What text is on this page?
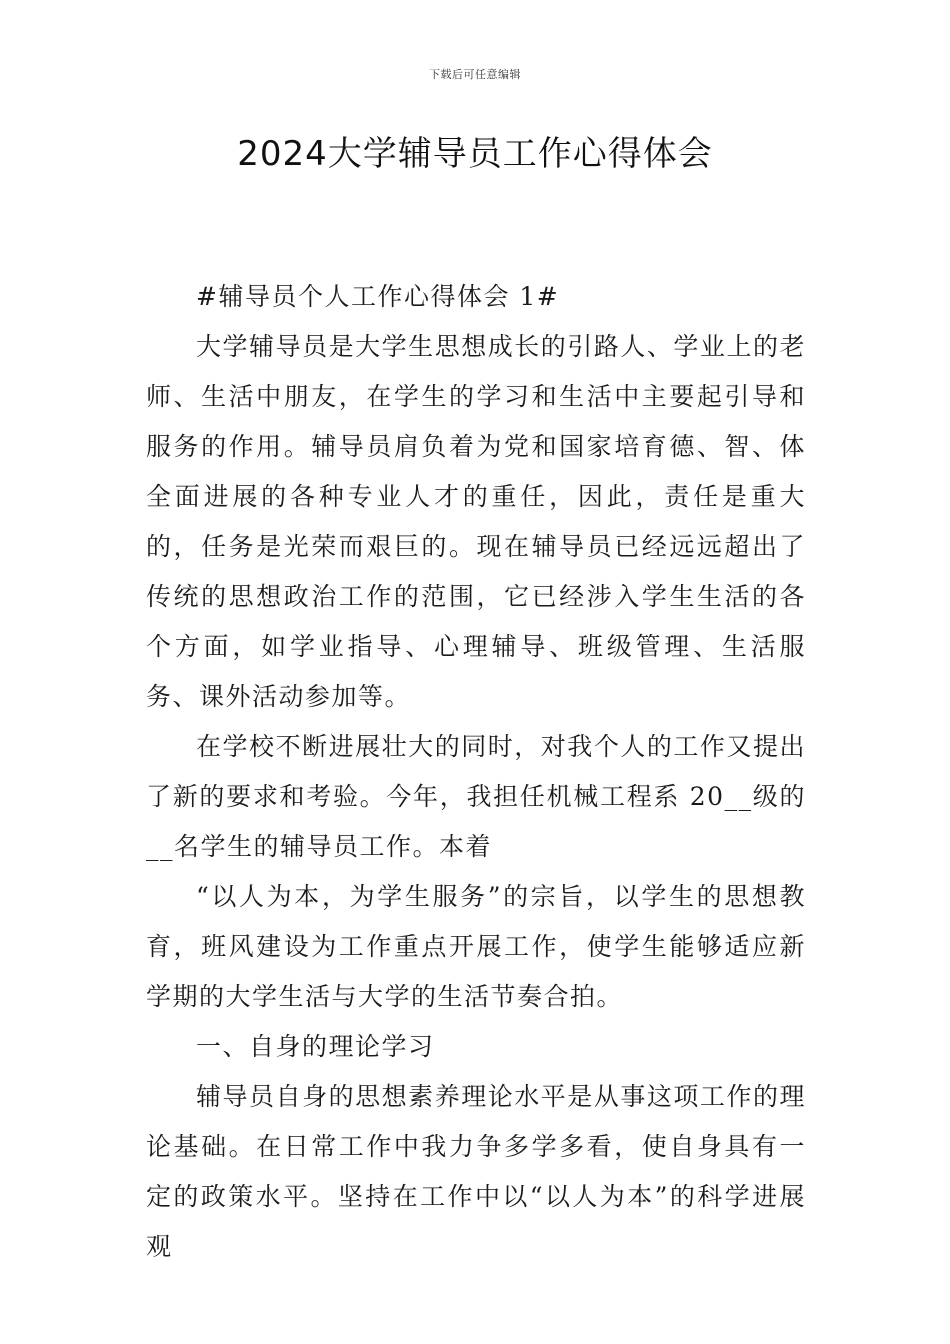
下载后可任意编辑
2024大学辅导员工作心得体会

#辅导员个人工作心得体会 1#

大学辅导员是大学生思想成长的引路人、学业上的老师、生活中朋友，在学生的学习和生活中主要起引导和服务的作用。辅导员肩负着为党和国家培育德、智、体全面进展的各种专业人才的重任，因此，责任是重大的，任务是光荣而艰巨的。现在辅导员已经远远超出了传统的思想政治工作的范围，它已经涉入学生生活的各个方面，如学业指导、心理辅导、班级管理、生活服务、课外活动参加等。

在学校不断进展壮大的同时，对我个人的工作又提出了新的要求和考验。今年，我担任机械工程系 20__级的__名学生的辅导员工作。本着

“以人为本，为学生服务”的宗旨，以学生的思想教育，班风建设为工作重点开展工作，使学生能够适应新学期的大学生活与大学的生活节奏合拍。

一、自身的理论学习

辅导员自身的思想素养理论水平是从事这项工作的理论基础。在日常工作中我力争多学多看，使自身具有一定的政策水平。坚持在工作中以“以人为本”的科学进展观
